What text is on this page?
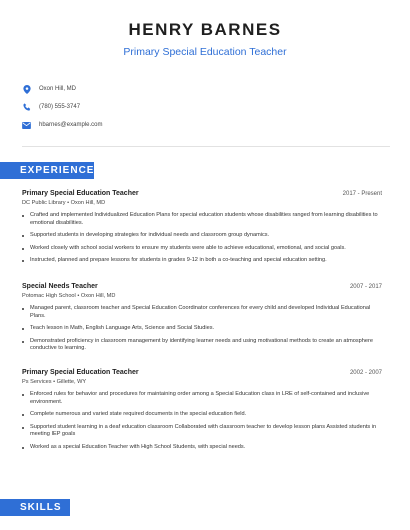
HENRY BARNES
Primary Special Education Teacher
Oxon Hill, MD
(780) 555-3747
hbarnes@example.com
EXPERIENCE
Primary Special Education Teacher	2017 - Present
DC Public Library • Oxon Hill, MD
Crafted and implemented Individualized Education Plans for special education students whose disabilities ranged from learning disabilities to emotional disabilities.
Supported students in developing strategies for individual needs and classroom group dynamics.
Worked closely with school social workers to ensure my students were able to achieve educational, emotional, and social goals.
Instructed, planned and prepare lessons for students in grades 9-12 in both a co-teaching and special education setting.
Special Needs Teacher	2007 - 2017
Potomac High School • Oxon Hill, MD
Managed parent, classroom teacher and Special Education Coordinator conferences for every child and developed Individual Educational Plans.
Teach lesson in Math, English Language Arts, Science and Social Studies.
Demonstrated proficiency in classroom management by identifying learner needs and using motivational methods to create an atmosphere conductive to learning.
Primary Special Education Teacher	2002 - 2007
Ps Services • Gillette, WY
Enforced rules for behavior and procedures for maintaining order among a Special Education class in LRE of self-contained and inclusive environment.
Complete numerous and varied state required documents in the special education field.
Supported student learning in a deaf education classroom Collaborated with classroom teacher to develop lesson plans Assisted students in meeting IEP goals
Worked as a special Education Teacher with High School Students, with special needs.
SKILLS
